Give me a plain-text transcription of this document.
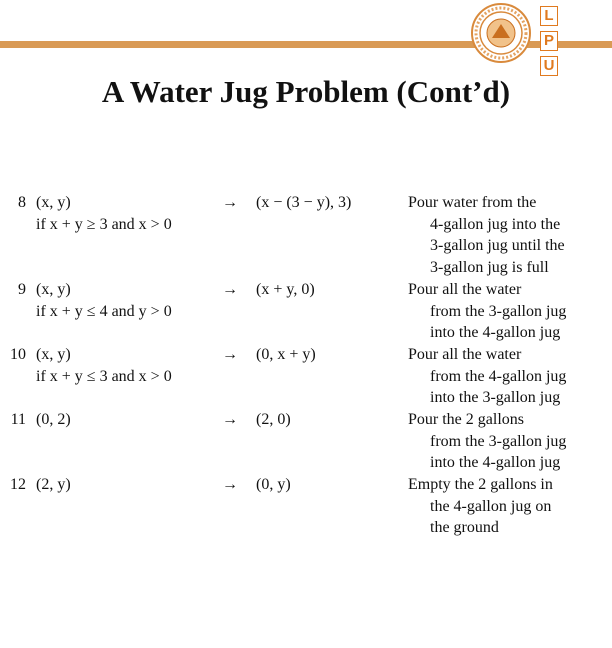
L
P
U
A Water Jug Problem (Cont’d)
8 (x, y)
if x + y ≥ 3 and x > 0
→ (x − (3 − y), 3)	Pour water from the
4-gallon jug into the
3-gallon jug until the
3-gallon jug is full
9 (x, y)
if x + y ≤ 4 and y > 0
→ (x + y, 0)	Pour all the water
from the 3-gallon jug
into the 4-gallon jug
10 (x, y)
if x + y ≤ 3 and x > 0
→ (0, x + y)	Pour all the water
from the 4-gallon jug
into the 3-gallon jug
11 (0, 2)	→ (2, 0)	Pour the 2 gallons
from the 3-gallon jug
into the 4-gallon jug
12 (2, y)	→ (0, y)	Empty the 2 gallons in
the 4-gallon jug on
the ground
